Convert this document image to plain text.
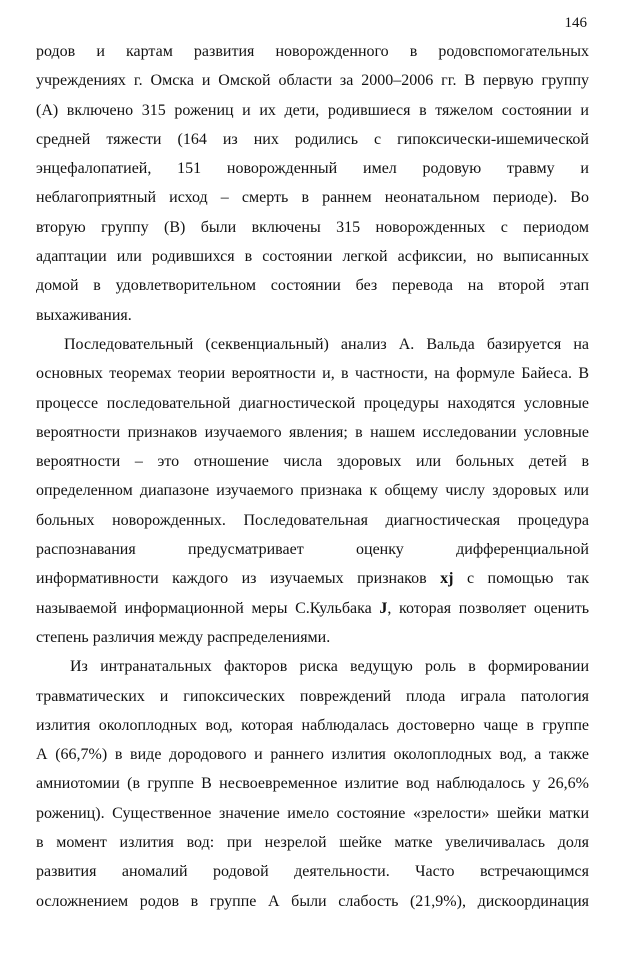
146
родов и картам развития новорожденного в родовспомогательных
учреждениях г. Омска и Омской области за 2000–2006 гг. В первую группу
(А) включено 315 рожениц и их дети, родившиеся в тяжелом состоянии и
средней тяжести (164 из них родились с гипоксически-ишемической
энцефалопатией, 151 новорожденный имел родовую травму и
неблагоприятный исход – смерть в раннем неонатальном периоде). Во
вторую группу (В) были включены 315 новорожденных с периодом
адаптации или родившихся в состоянии легкой асфиксии, но выписанных
домой в удовлетворительном состоянии без перевода на второй этап
выхаживания.
Последовательный (секвенциальный) анализ А. Вальда базируется на
основных теоремах теории вероятности и, в частности, на формуле Байеса. В
процессе последовательной диагностической процедуры находятся условные
вероятности признаков изучаемого явления; в нашем исследовании условные
вероятности – это отношение числа здоровых или больных детей в
определенном диапазоне изучаемого признака к общему числу здоровых или
больных новорожденных. Последовательная диагностическая процедура
распознавания предусматривает оценку дифференциальной
информативности каждого из изучаемых признаков xj с помощью так
называемой информационной меры С.Кульбака J, которая позволяет оценить
степень различия между распределениями.
Из интранатальных факторов риска ведущую роль в формировании
травматических и гипоксических повреждений плода играла патология
излития околоплодных вод, которая наблюдалась достоверно чаще в группе
А (66,7%) в виде дородового и раннего излития околоплодных вод, а также
амниотомии (в группе В несвоевременное излитие вод наблюдалось у 26,6%
рожениц). Существенное значение имело состояние «зрелости» шейки матки
в момент излития вод: при незрелой шейке матке увеличивалась доля
развития аномалий родовой деятельности. Часто встречающимся
осложнением родов в группе А были слабость (21,9%), дискоординация
